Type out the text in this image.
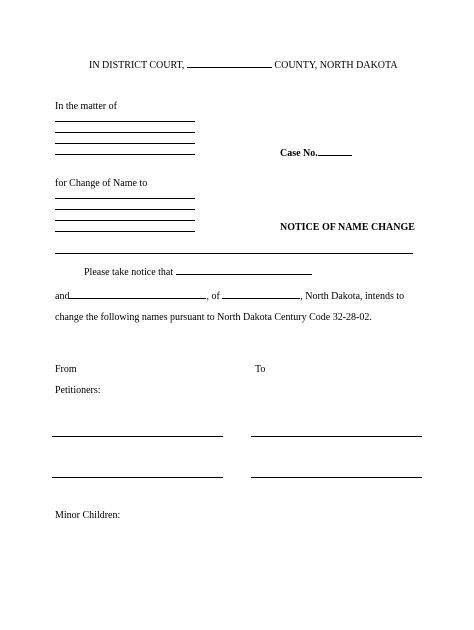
IN DISTRICT COURT,	COUNTY, NORTH DAKOTA
In the matter of
for Change of Name to
Case No.
NOTICE OF NAME CHANGE
Please take notice that
and	, of	, North Dakota, intends to
change the following names pursuant to North Dakota Century Code 32-28-02.
From	To
Petitioners:
Minor Children:
